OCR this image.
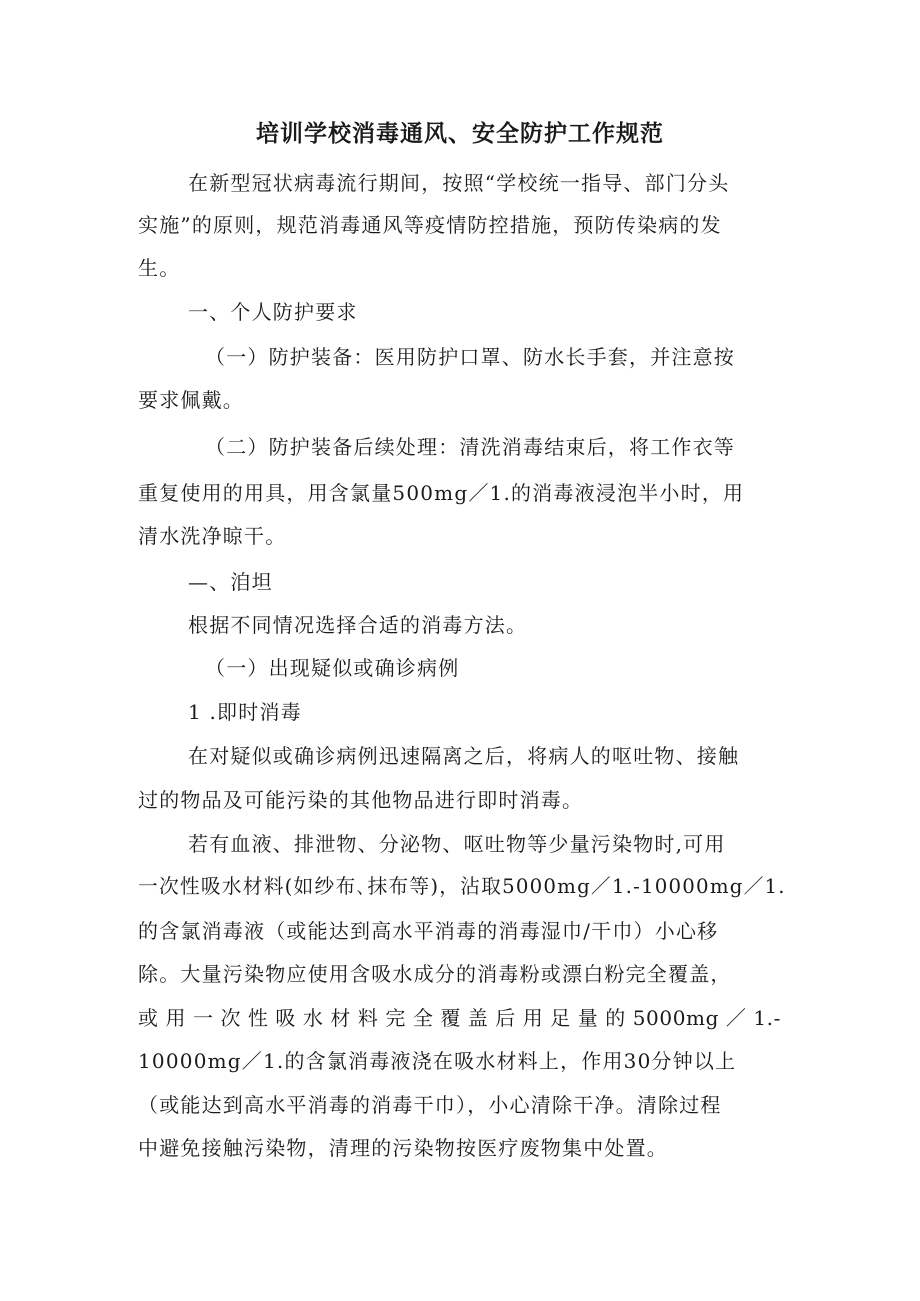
培训学校消毒通风、安全防护工作规范
在新型冠状病毒流行期间，按照“学校统一指导、部门分头
实施”的原则，规范消毒通风等疫情防控措施，预防传染病的发
生。
一、个人防护要求
（一）防护装备：医用防护口罩、防水长手套，并注意按
要求佩戴。
（二）防护装备后续处理：清洗消毒结束后，将工作衣等
重复使用的用具，用含氯量500mg／1.的消毒液浸泡半小时，用
清水洗净晾干。
—、洎坦
根据不同情况选择合适的消毒方法。
（一）出现疑似或确诊病例
1 .即时消毒
在对疑似或确诊病例迅速隔离之后，将病人的呕吐物、接触
过的物品及可能污染的其他物品进行即时消毒。
若有血液、排泄物、分泌物、呕吐物等少量污染物时,可用
一次性吸水材料(如纱布､抹布等)，沾取5000mg／1.-10000mg／1.
的含氯消毒液（或能达到高水平消毒的消毒湿巾/干巾）小心移
除。大量污染物应使用含吸水成分的消毒粉或漂白粉完全覆盖，
或用一次性吸水材料完全覆盖后用足量的5000mg／1.-
10000mg／1.的含氯消毒液浇在吸水材料上，作用30分钟以上
（或能达到高水平消毒的消毒干巾），小心清除干净。清除过程
中避免接触污染物，清理的污染物按医疗废物集中处置。
